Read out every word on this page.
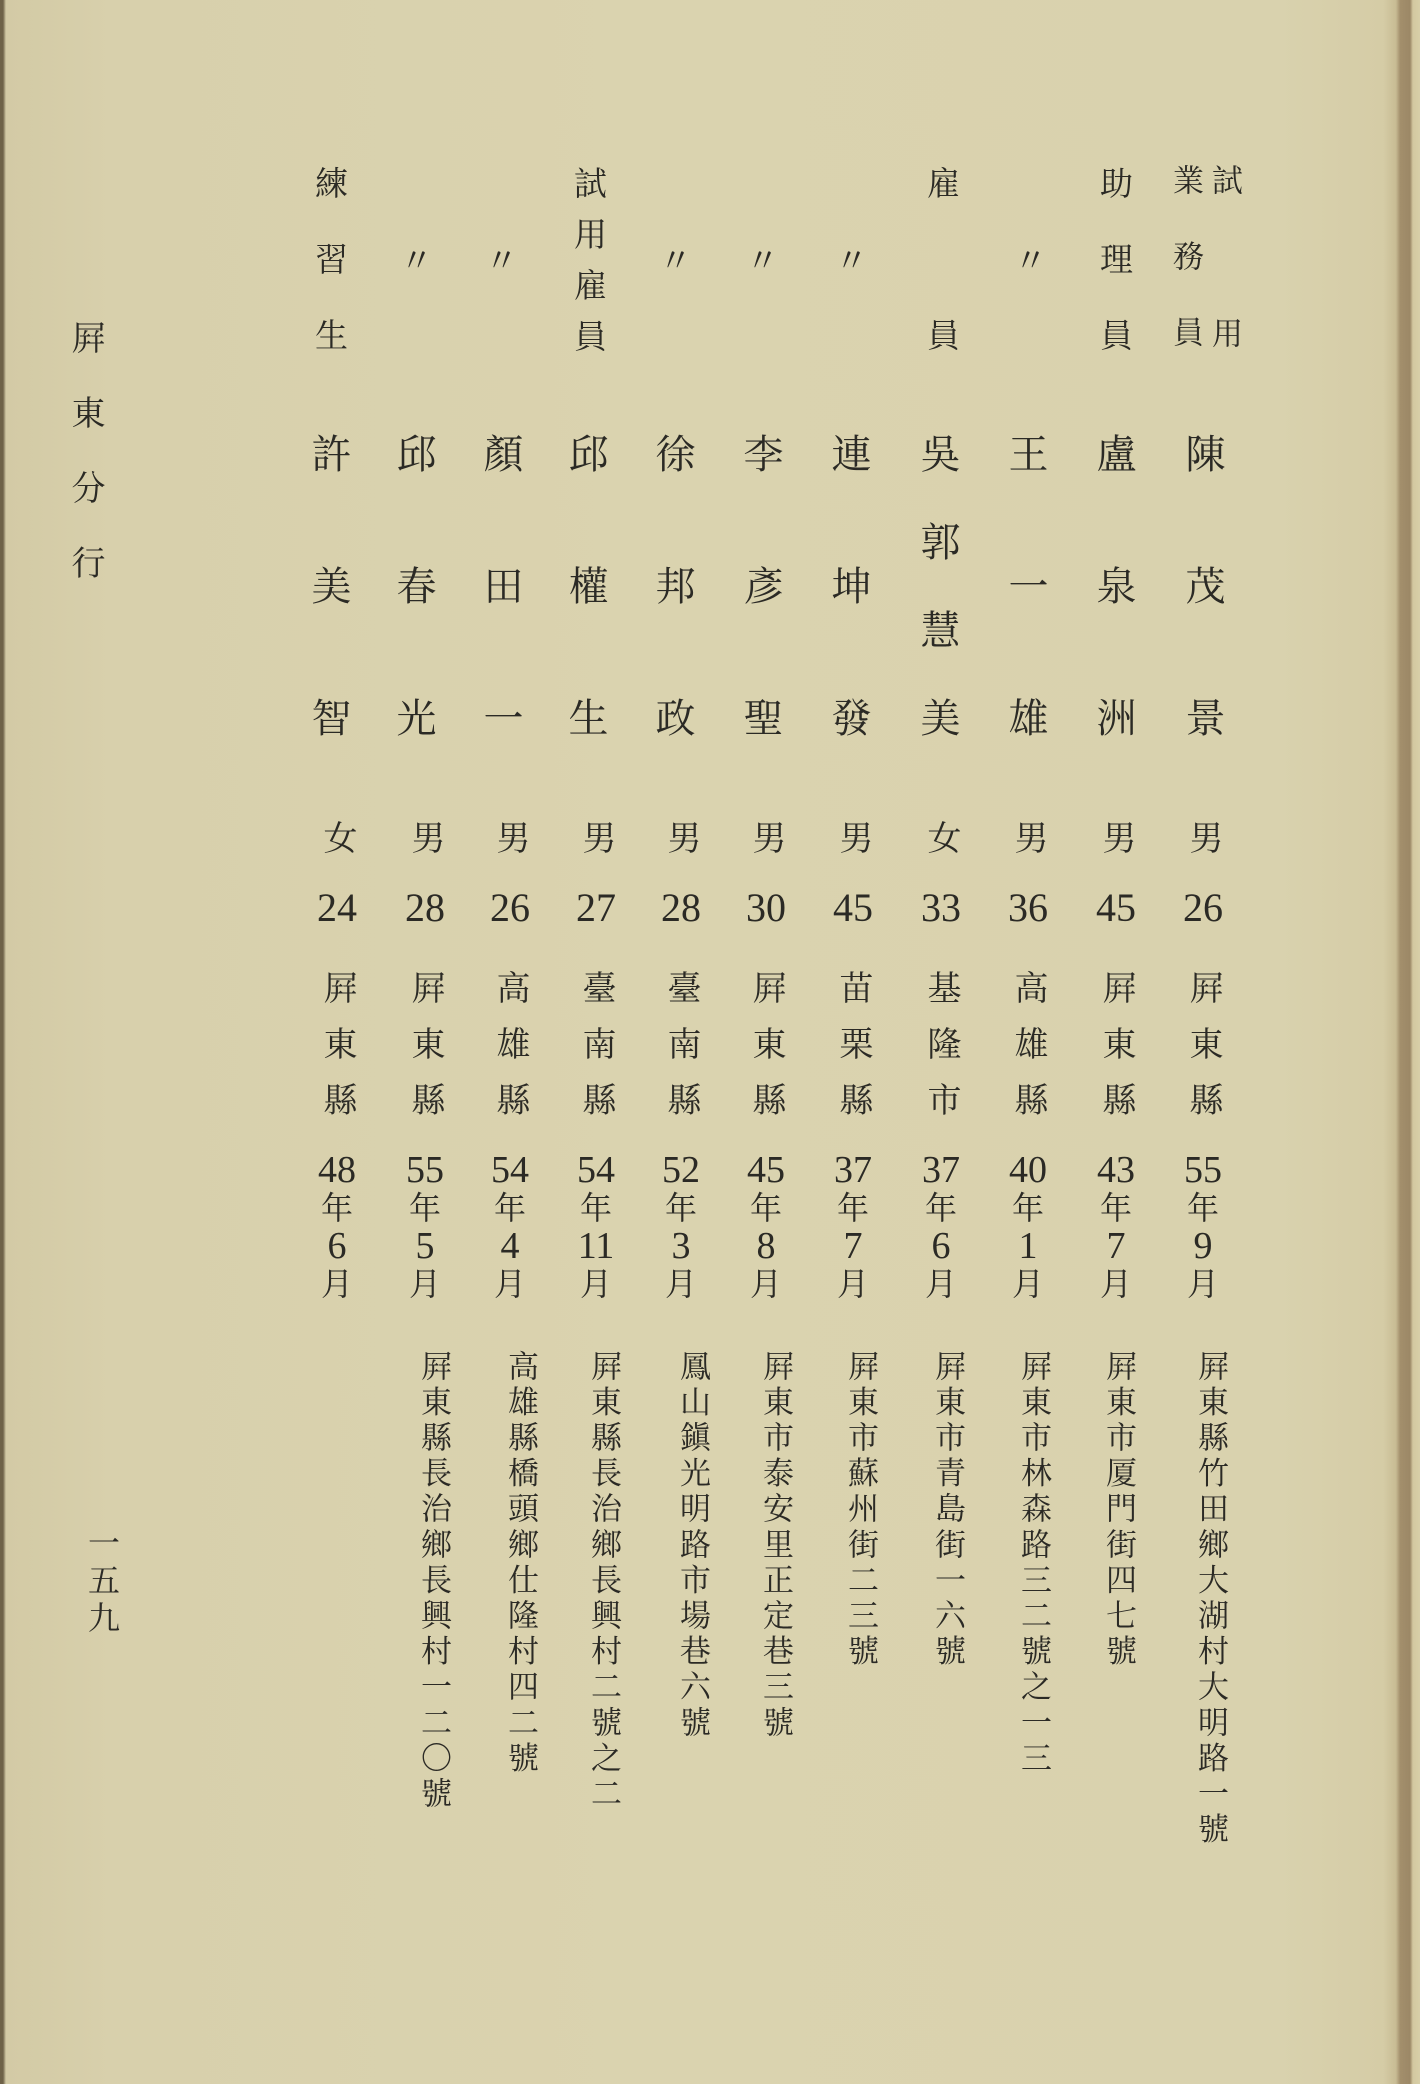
屛東分行
一五九
試用
業務員
陳茂景
男
26
屛東縣
55
年
9
月
屛東縣竹田鄉大湖村大明路一號
助理員
盧泉洲
男
45
屛東縣
43
年
7
月
屛東市厦門街四七號
〃
王一雄
男
36
高雄縣
40
年
1
月
屛東市林森路三二號之一三
雇員
吳郭慧美
女
33
基隆市
37
年
6
月
屛東市青島街一六號
〃
連坤發
男
45
苗栗縣
37
年
7
月
屛東市蘇州街二三號
〃
李彥聖
男
30
屛東縣
45
年
8
月
屛東市泰安里正定巷三號
〃
徐邦政
男
28
臺南縣
52
年
3
月
鳳山鎭光明路市場巷六號
試用雇員
邱權生
男
27
臺南縣
54
年
11
月
屛東縣長治鄉長興村二號之二
〃
顏田一
男
26
高雄縣
54
年
4
月
高雄縣橋頭鄉仕隆村四二號
〃
邱春光
男
28
屛東縣
55
年
5
月
屛東縣長治鄉長興村一二〇號
練習生
許美智
女
24
屛東縣
48
年
6
月
